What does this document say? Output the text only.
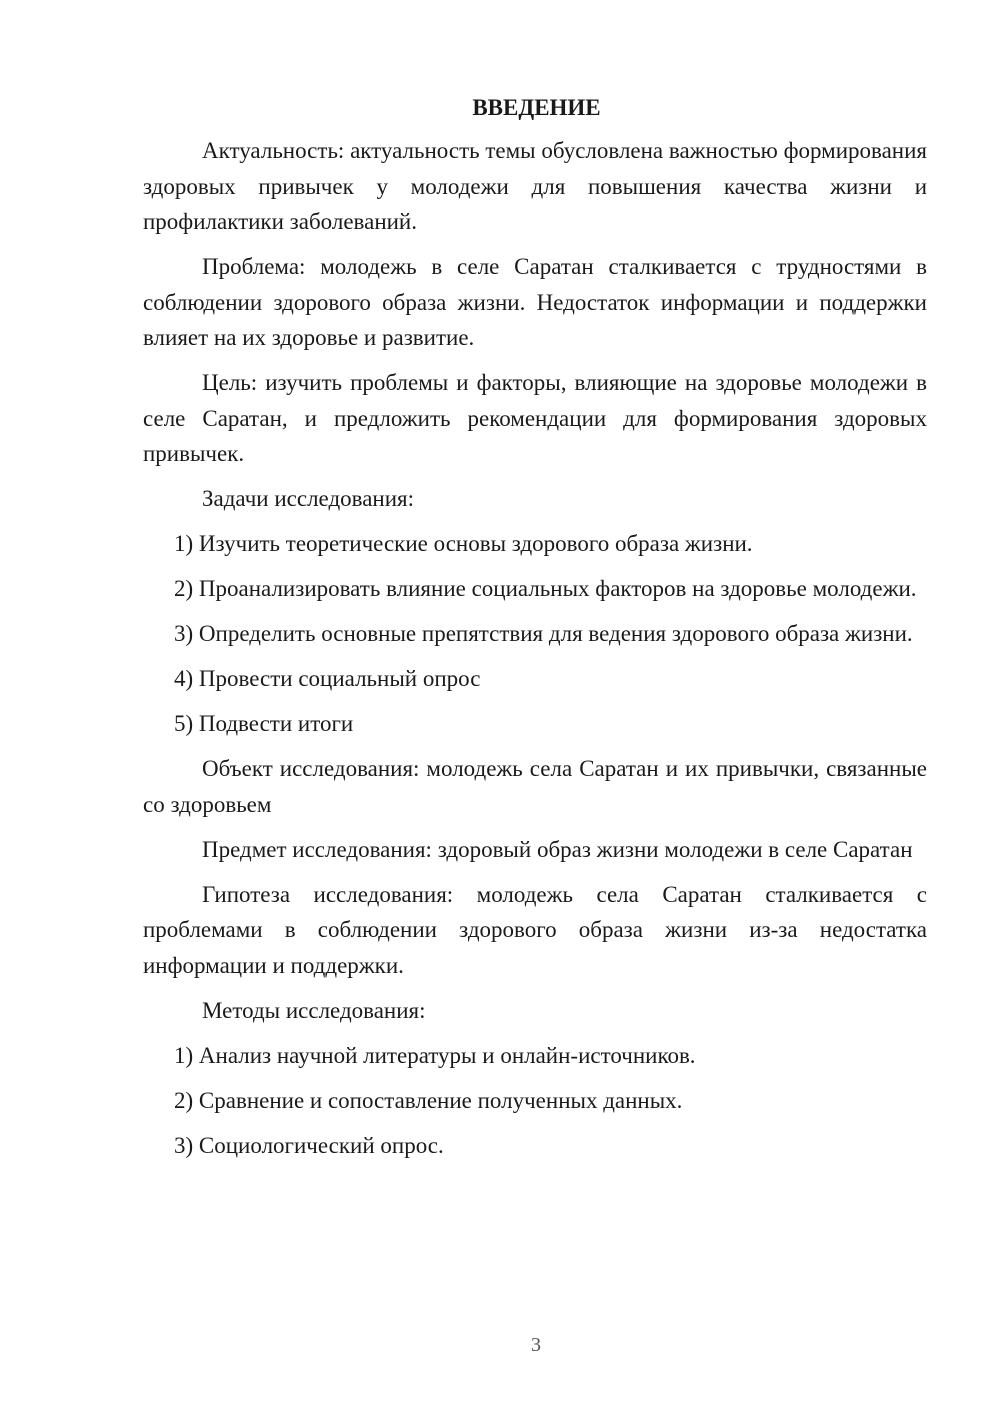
ВВЕДЕНИЕ

Актуальность: актуальность темы обусловлена важностью формирования здоровых привычек у молодежи для повышения качества жизни и профилактики заболеваний.

Проблема: молодежь в селе Саратан сталкивается с трудностями в соблюдении здорового образа жизни. Недостаток информации и поддержки влияет на их здоровье и развитие.

Цель: изучить проблемы и факторы, влияющие на здоровье молодежи в селе Саратан, и предложить рекомендации для формирования здоровых привычек.

Задачи исследования:

1) Изучить теоретические основы здорового образа жизни.

2) Проанализировать влияние социальных факторов на здоровье молодежи.

3) Определить основные препятствия для ведения здорового образа жизни.

4) Провести социальный опрос

5) Подвести итоги

Объект исследования: молодежь села Саратан и их привычки, связанные со здоровьем

Предмет исследования: здоровый образ жизни молодежи в селе Саратан

Гипотеза исследования: молодежь села Саратан сталкивается с проблемами в соблюдении здорового образа жизни из-за недостатка информации и поддержки.

Методы исследования:

1) Анализ научной литературы и онлайн-источников.

2) Сравнение и сопоставление полученных данных.

3) Социологический опрос.

3
